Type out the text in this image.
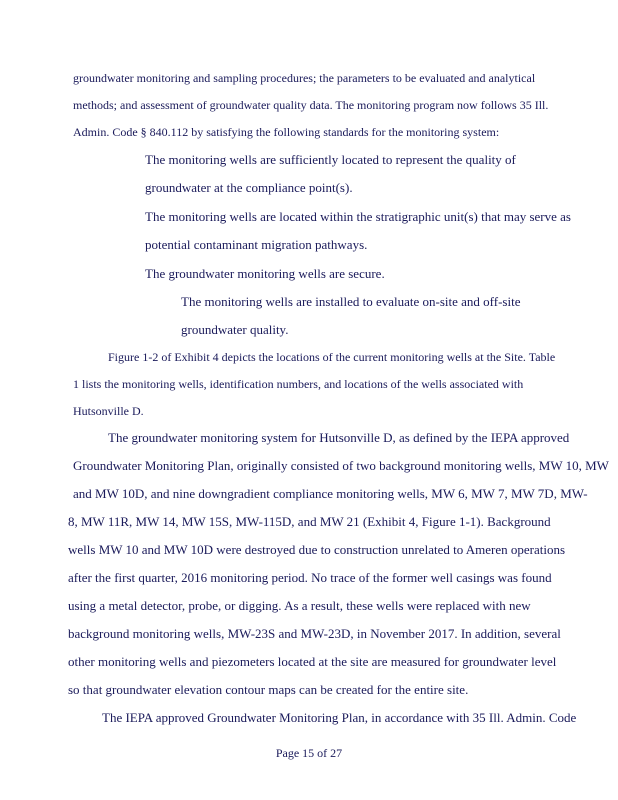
groundwater monitoring and sampling procedures; the parameters to be evaluated and analytical

methods; and assessment of groundwater quality data. The monitoring program now follows 35 Ill.

Admin. Code § 840.112 by satisfying the following standards for the monitoring system:

The monitoring wells are sufficiently located to represent the quality of

groundwater at the compliance point(s).

The monitoring wells are located within the stratigraphic unit(s) that may serve as

potential contaminant migration pathways.

The groundwater monitoring wells are secure.

The monitoring wells are installed to evaluate on-site and off-site

groundwater quality.

Figure 1-2 of Exhibit 4 depicts the locations of the current monitoring wells at the Site. Table

1 lists the monitoring wells, identification numbers, and locations of the wells associated with

Hutsonville D.

The groundwater monitoring system for Hutsonville D, as defined by the IEPA approved

Groundwater Monitoring Plan, originally consisted of two background monitoring wells, MW 10, MW

and MW 10D, and nine downgradient compliance monitoring wells, MW 6, MW 7, MW 7D, MW-

8, MW 11R, MW 14, MW 15S, MW-115D, and MW 21 (Exhibit 4, Figure 1-1). Background

wells MW 10 and MW 10D were destroyed due to construction unrelated to Ameren operations

after the first quarter, 2016 monitoring period. No trace of the former well casings was found

using a metal detector, probe, or digging. As a result, these wells were replaced with new

background monitoring wells, MW-23S and MW-23D, in November 2017. In addition, several

other monitoring wells and piezometers located at the site are measured for groundwater level

so that groundwater elevation contour maps can be created for the entire site.

The IEPA approved Groundwater Monitoring Plan, in accordance with 35 Ill. Admin. Code

Page 15 of 27
